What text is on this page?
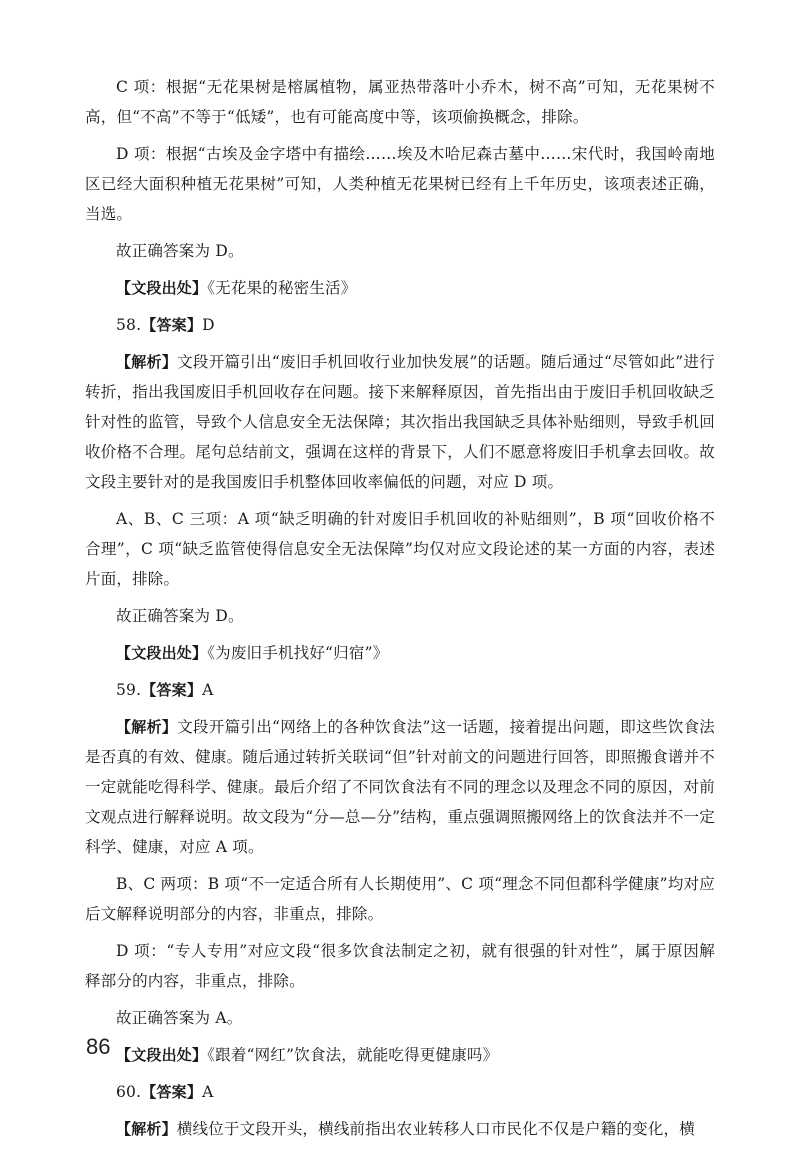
C 项：根据“无花果树是榕属植物，属亚热带落叶小乔木，树不高”可知，无花果树不高，但“不高”不等于“低矮”，也有可能高度中等，该项偷换概念，排除。

D 项：根据“古埃及金字塔中有描绘……埃及木哈尼森古墓中……宋代时，我国岭南地区已经大面积种植无花果树”可知，人类种植无花果树已经有上千年历史，该项表述正确，当选。

故正确答案为 D。

【文段出处】《无花果的秘密生活》

58.【答案】D

【解析】文段开篇引出“废旧手机回收行业加快发展”的话题。随后通过“尽管如此”进行转折，指出我国废旧手机回收存在问题。接下来解释原因，首先指出由于废旧手机回收缺乏针对性的监管，导致个人信息安全无法保障；其次指出我国缺乏具体补贴细则，导致手机回收价格不合理。尾句总结前文，强调在这样的背景下，人们不愿意将废旧手机拿去回收。故文段主要针对的是我国废旧手机整体回收率偏低的问题，对应 D 项。

A、B、C 三项：A 项“缺乏明确的针对废旧手机回收的补贴细则”，B 项“回收价格不合理”，C 项“缺乏监管使得信息安全无法保障”均仅对应文段论述的某一方面的内容，表述片面，排除。

故正确答案为 D。

【文段出处】《为废旧手机找好“归宿”》

59.【答案】A

【解析】文段开篇引出“网络上的各种饮食法”这一话题，接着提出问题，即这些饮食法是否真的有效、健康。随后通过转折关联词“但”针对前文的问题进行回答，即照搬食谱并不一定就能吃得科学、健康。最后介绍了不同饮食法有不同的理念以及理念不同的原因，对前文观点进行解释说明。故文段为“分—总—分”结构，重点强调照搬网络上的饮食法并不一定科学、健康，对应 A 项。

B、C 两项：B 项“不一定适合所有人长期使用”、C 项“理念不同但都科学健康”均对应后文解释说明部分的内容，非重点，排除。

D 项：“专人专用”对应文段“很多饮食法制定之初，就有很强的针对性”，属于原因解释部分的内容，非重点，排除。

故正确答案为 A。

【文段出处】《跟着“网红”饮食法，就能吃得更健康吗》

60.【答案】A

【解析】横线位于文段开头，横线前指出农业转移人口市民化不仅是户籍的变化，横

86
